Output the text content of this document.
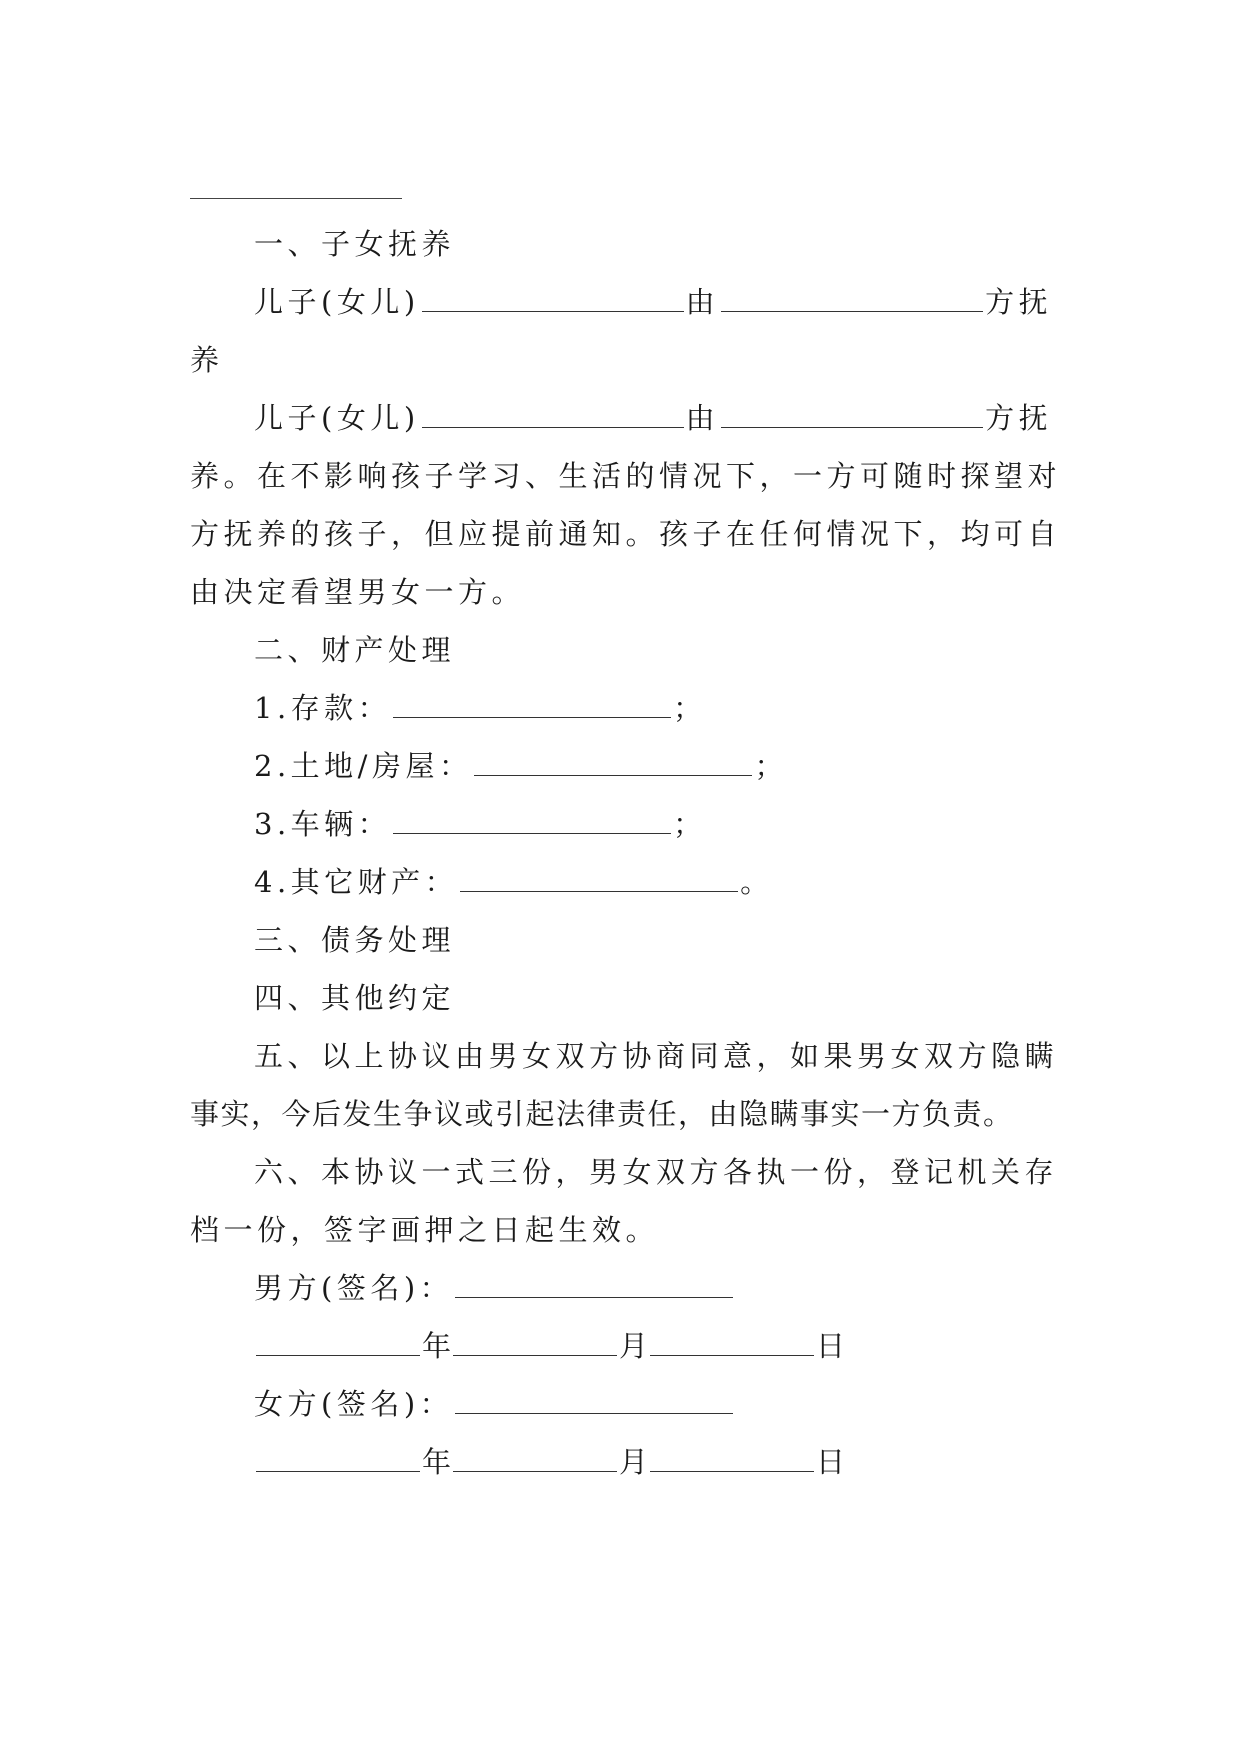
一、子女抚养
儿子(女儿)	由	方抚
养
儿子(女儿)	由	方抚
养。在不影响孩子学习、生活的情况下，一方可随时探望对
方抚养的孩子，但应提前通知。孩子在任何情况下，均可自
由决定看望男女一方。
二、财产处理
1.存款：	；
2.土地/房屋：	；
3.车辆：	；
4.其它财产：	。
三、债务处理
四、其他约定
五、以上协议由男女双方协商同意，如果男女双方隐瞒
事实，今后发生争议或引起法律责任，由隐瞒事实一方负责。
六、本协议一式三份，男女双方各执一份，登记机关存
档一份，签字画押之日起生效。
男方(签名)：
年	月	日
女方(签名)：
年	月	日
